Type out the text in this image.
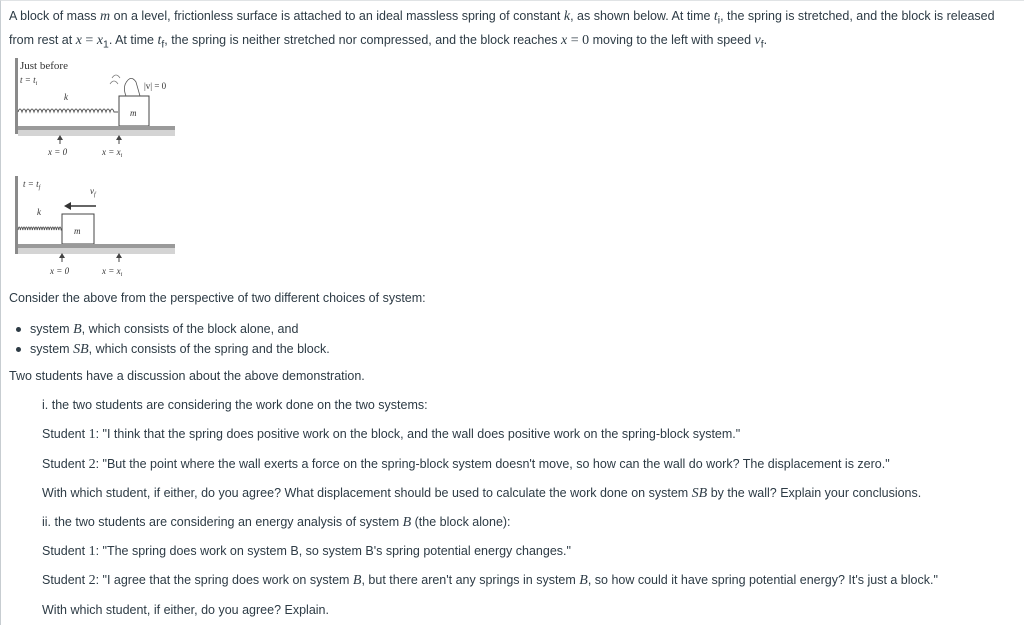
A block of mass m on a level, frictionless surface is attached to an ideal massless spring of constant k, as shown below. At time $t_i$, the spring is stretched, and the block is released from rest at $x = x_1$. At time $t_f$, the spring is neither stretched nor compressed, and the block reaches x = 0 moving to the left with speed $v_f$.
Just before
$t = t_i$
k
m
|v| = 0
x = 0	$x = x_i$
$t = t_f$	$v_f$
k
m
x = 0	$x = x_i$
Consider the above from the perspective of two different choices of system:
system B, which consists of the block alone, and
system SB, which consists of the spring and the block.
Two students have a discussion about the above demonstration.
i. the two students are considering the work done on the two systems:
Student 1: "I think that the spring does positive work on the block, and the wall does positive work on the spring-block system."
Student 2: "But the point where the wall exerts a force on the spring-block system doesn't move, so how can the wall do work? The displacement is zero."
With which student, if either, do you agree? What displacement should be used to calculate the work done on system SB by the wall? Explain your conclusions.
ii. the two students are considering an energy analysis of system B (the block alone):
Student 1: "The spring does work on system B, so system B's spring potential energy changes."
Student 2: "I agree that the spring does work on system B, but there aren't any springs in system B, so how could it have spring potential energy? It's just a block."
With which student, if either, do you agree? Explain.
